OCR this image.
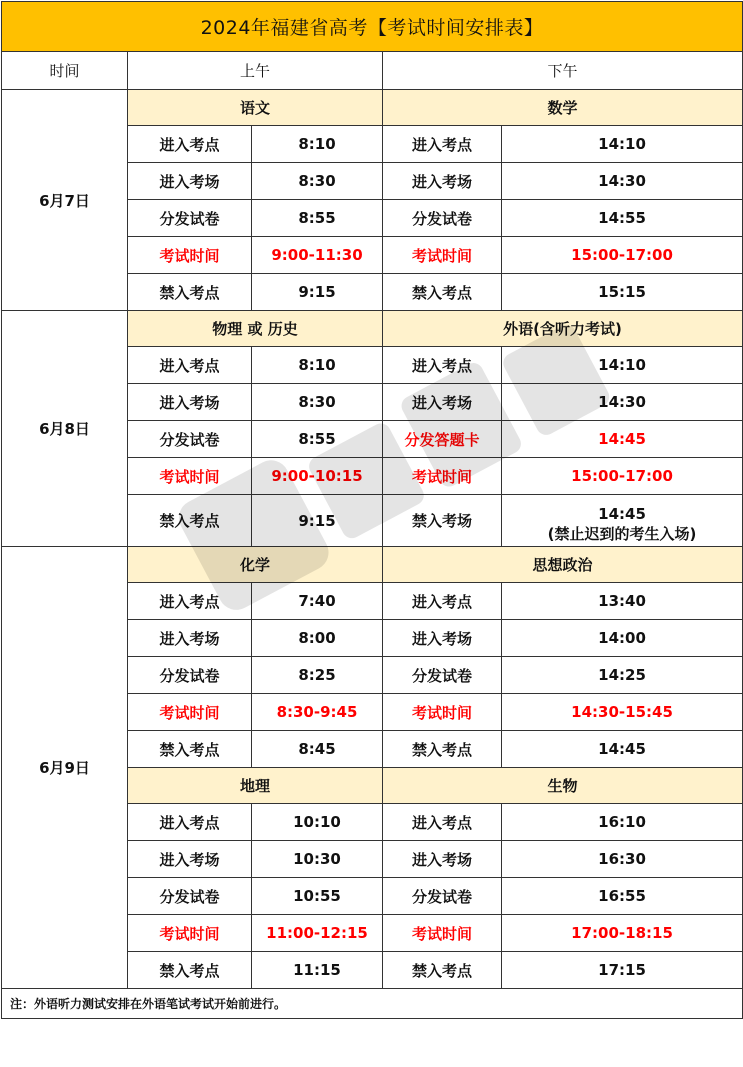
2024年福建省高考【考试时间安排表】				
时间	上午		下午	
6月7日	语文		数学	
	进入考点	8:10	进入考点	14:10
	进入考场	8:30	进入考场	14:30
	分发试卷	8:55	分发试卷	14:55
	考试时间	9:00-11:30	考试时间	15:00-17:00
	禁入考点	9:15	禁入考点	15:15
6月8日	物理 或 历史		外语(含听力考试)	
	进入考点	8:10	进入考点	14:10
	进入考场	8:30	进入考场	14:30
	分发试卷	8:55	分发答题卡	14:45
	考试时间	9:00-10:15	考试时间	15:00-17:00
	禁入考点	9:15	禁入考场	14:45
(禁止迟到的考生入场)

6月9日	化学		思想政治	
	进入考点	7:40	进入考点	13:40
	进入考场	8:00	进入考场	14:00
	分发试卷	8:25	分发试卷	14:25
	考试时间	8:30-9:45	考试时间	14:30-15:45
	禁入考点	8:45	禁入考点	14:45
	地理		生物	
	进入考点	10:10	进入考点	16:10
	进入考场	10:30	进入考场	16:30
	分发试卷	10:55	分发试卷	16:55
	考试时间	11:00-12:15	考试时间	17:00-18:15
	禁入考点	11:15	禁入考点	17:15
注：外语听力测试安排在外语笔试考试开始前进行。				
